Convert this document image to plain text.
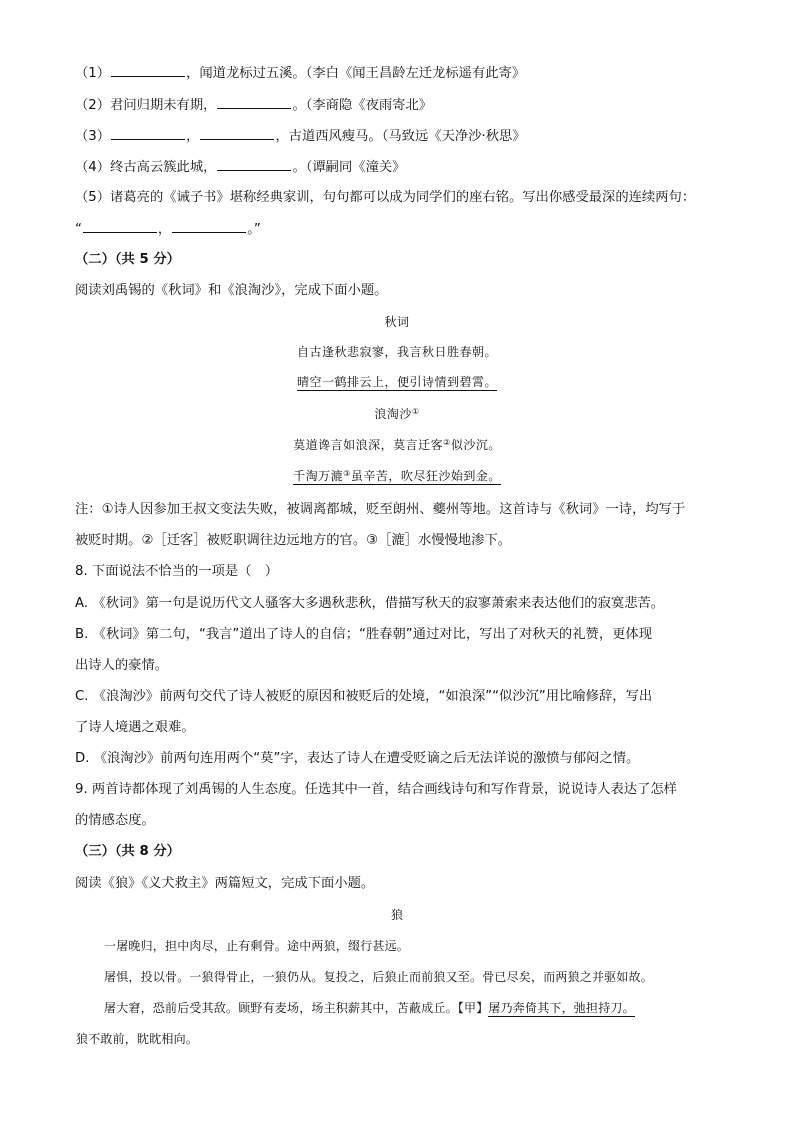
（1）	，闻道龙标过五溪。（李白《闻王昌龄左迁龙标遥有此寄》
（2）君问归期未有期，	。（李商隐《夜雨寄北》
（3）	，	，古道西风瘦马。（马致远《天净沙·秋思》
（4）终古高云簇此城，	。（谭嗣同《潼关》
（5）诸葛亮的《诫子书》堪称经典家训，句句都可以成为同学们的座右铭。写出你感受最深的连续两句：
“	，	。”
（二）（共 5 分）
阅读刘禹锡的《秋词》和《浪淘沙》，完成下面小题。
秋词
自古逢秋悲寂寥，我言秋日胜春朝。
晴空一鹤排云上，便引诗情到碧霄。
浪淘沙①
莫道谗言如浪深，莫言迁客②似沙沉。
千淘万漉③虽辛苦，吹尽狂沙始到金。
注：①诗人因参加王叔文变法失败，被调离都城，贬至朗州、夔州等地。这首诗与《秋词》一诗，均写于
被贬时期。②［迁客］被贬职调往边远地方的官。③［漉］水慢慢地渗下。
8. 下面说法不恰当的一项是（　）
A. 《秋词》第一句是说历代文人骚客大多遇秋悲秋，借描写秋天的寂寥萧索来表达他们的寂寞悲苦。
B. 《秋词》第二句，“我言”道出了诗人的自信；“胜春朝”通过对比，写出了对秋天的礼赞，更体现
出诗人的豪情。
C. 《浪淘沙》前两句交代了诗人被贬的原因和被贬后的处境，“如浪深”“似沙沉”用比喻修辞，写出
了诗人境遇之艰难。
D. 《浪淘沙》前两句连用两个“莫”字，表达了诗人在遭受贬谪之后无法详说的激愤与郁闷之情。
9. 两首诗都体现了刘禹锡的人生态度。任选其中一首，结合画线诗句和写作背景，说说诗人表达了怎样
的情感态度。
（三）（共 8 分）
阅读《狼》《义犬救主》两篇短文，完成下面小题。
狼
一屠晚归，担中肉尽，止有剩骨。途中两狼，缀行甚远。
屠惧，投以骨。一狼得骨止，一狼仍从。复投之，后狼止而前狼又至。骨已尽矣，而两狼之并驱如故。
屠大窘，恐前后受其敌。顾野有麦场，场主积薪其中，苫蔽成丘。【甲】屠乃奔倚其下，弛担持刀。
狼不敢前，眈眈相向。
